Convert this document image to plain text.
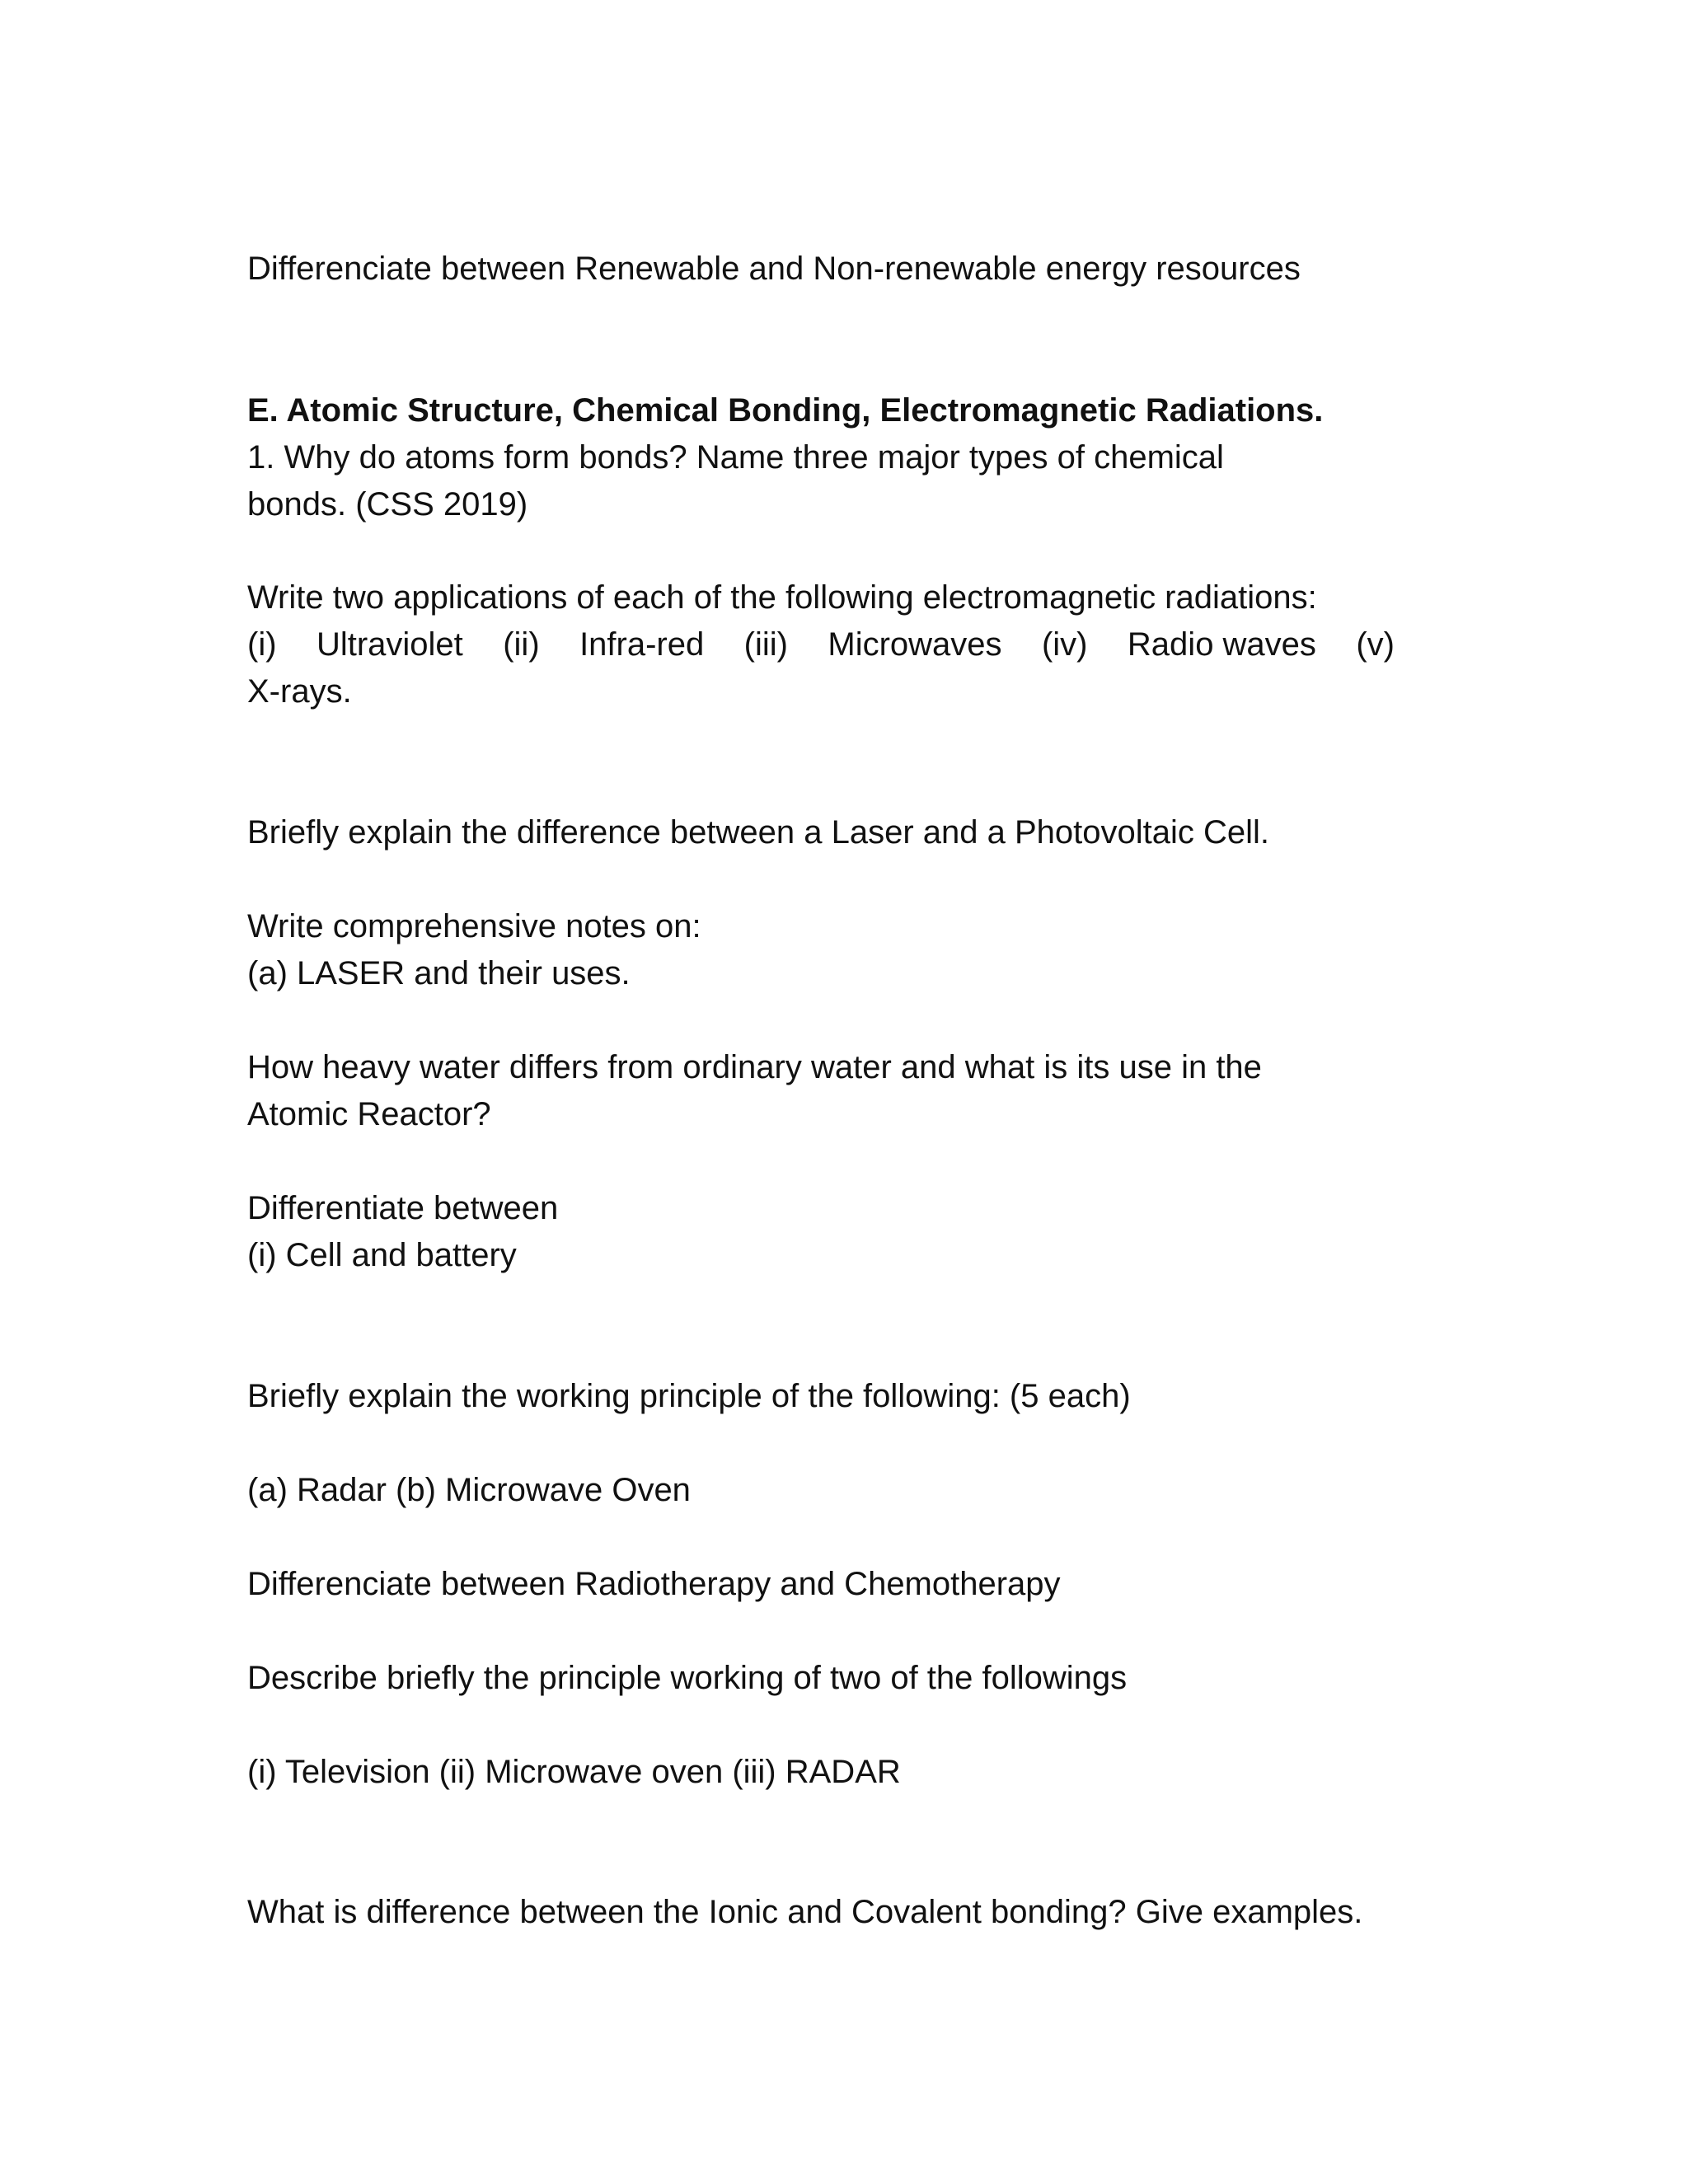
Differenciate between Renewable and Non-renewable energy resources

E. Atomic Structure, Chemical Bonding, Electromagnetic Radiations.

1. Why do atoms form bonds? Name three major types of chemical

bonds. (CSS 2019)

Write two applications of each of the following electromagnetic radiations:

(i) Ultraviolet (ii) Infra-red (iii) Microwaves (iv) Radio waves (v)

X-rays.

Briefly explain the difference between a Laser and a Photovoltaic Cell.

Write comprehensive notes on:

(a) LASER and their uses.

How heavy water differs from ordinary water and what is its use in the

Atomic Reactor?

Differentiate between

(i) Cell and battery

Briefly explain the working principle of the following: (5 each)

(a) Radar (b) Microwave Oven

Differenciate between Radiotherapy and Chemotherapy

Describe briefly the principle working of two of the followings

(i) Television (ii) Microwave oven (iii) RADAR

What is difference between the Ionic and Covalent bonding? Give examples.
